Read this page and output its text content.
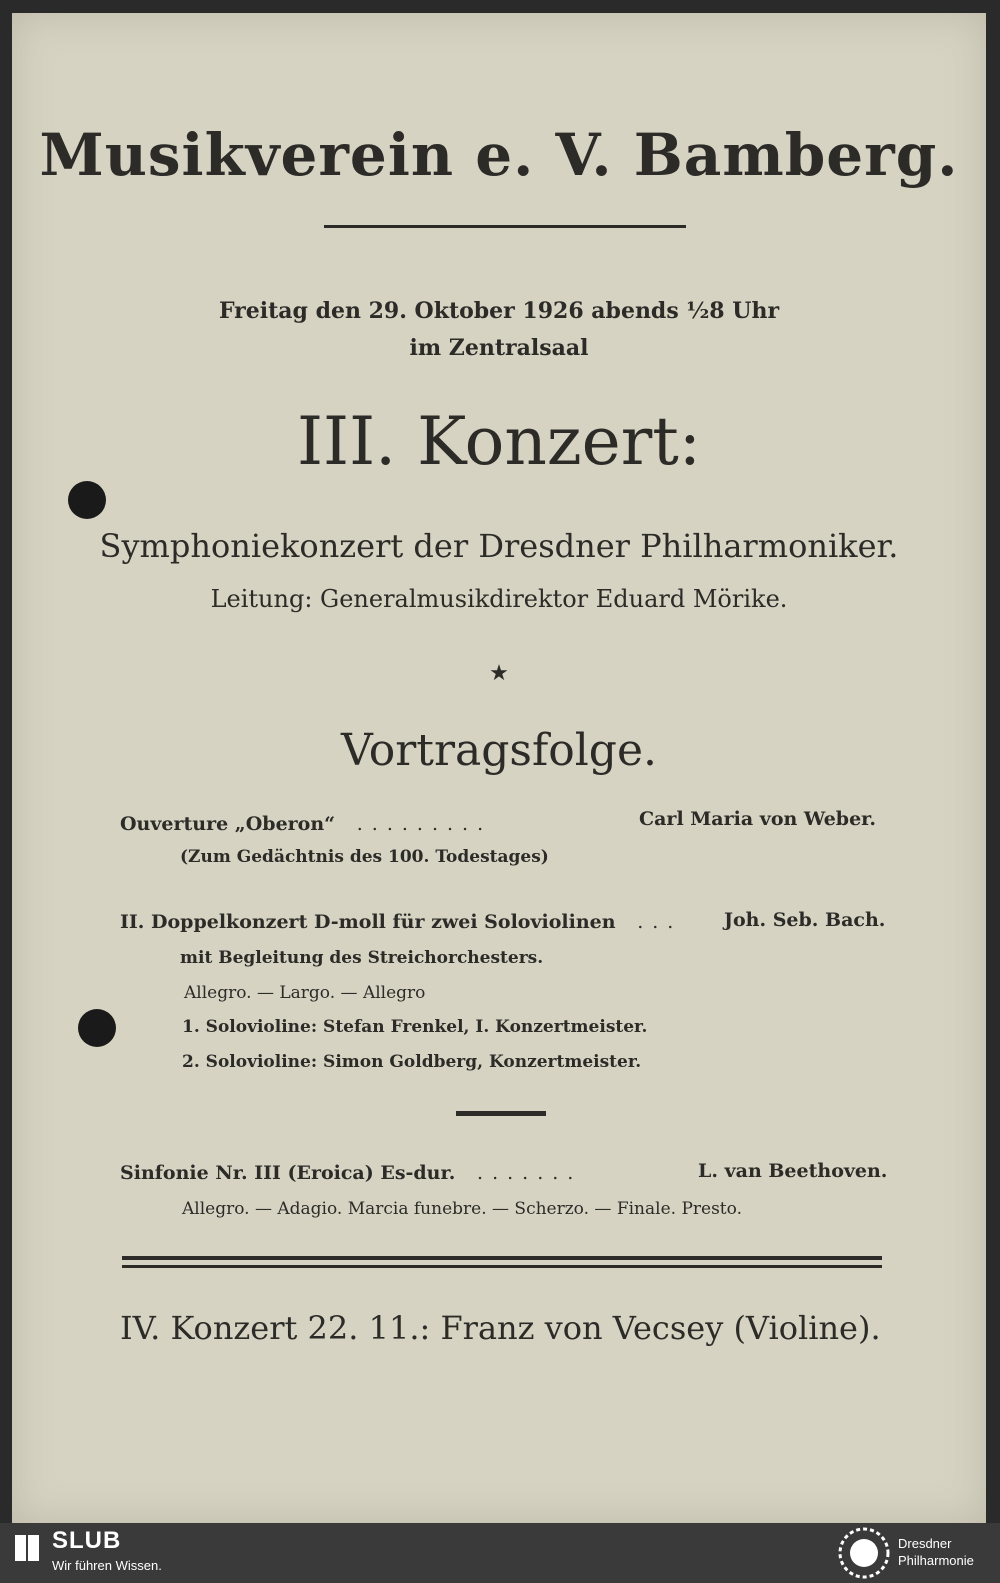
Musikverein e. V. Bamberg.
Freitag den 29. Oktober 1926 abends ½8 Uhr
im Zentralsaal
III. Konzert:
Symphoniekonzert der Dresdner Philharmoniker.
Leitung: Generalmusikdirektor Eduard Mörike.
★
Vortragsfolge.
Ouverture „Oberon“  .........	Carl Maria von Weber.
(Zum Gedächtnis des 100. Todestages)
II. Doppelkonzert D-moll für zwei Soloviolinen  ... Joh. Seb. Bach.
mit Begleitung des Streichorchesters.
Allegro. — Largo. — Allegro
1. Solovioline: Stefan Frenkel, I. Konzertmeister.
2. Solovioline: Simon Goldberg, Konzertmeister.
Sinfonie Nr. III (Eroica) Es-dur.  .......	L. van Beethoven.
Allegro. — Adagio. Marcia funebre. — Scherzo. — Finale. Presto.
IV. Konzert 22. 11.: Franz von Vecsey (Violine).
SLUB
Wir führen Wissen.
Dresdner
Philharmonie
